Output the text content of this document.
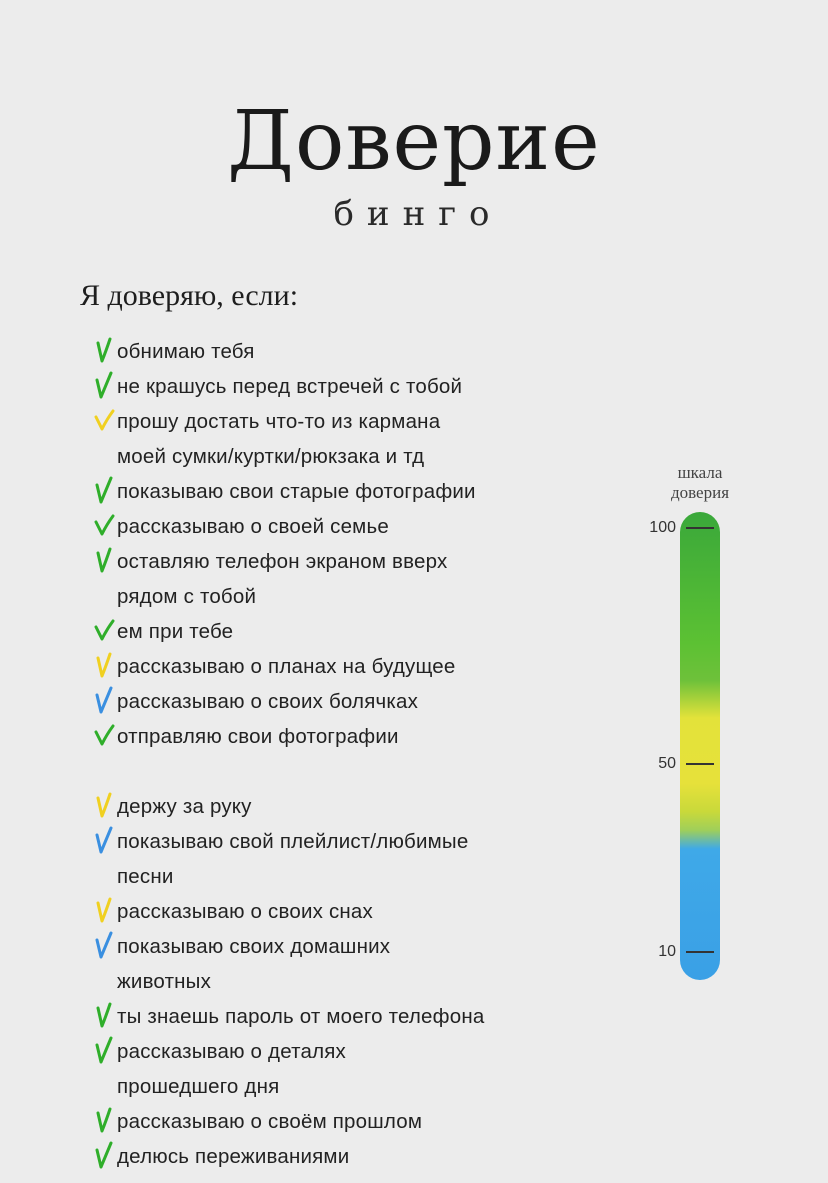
Доверие
бинго
Я доверяю, если:
обнимаю тебя
не крашусь перед встречей с тобой
прошу достать что-то из кармана
моей сумки/куртки/рюкзака и тд
показываю свои старые фотографии
рассказываю о своей семье
оставляю телефон экраном вверх
рядом с тобой
ем при тебе
рассказываю о планах на будущее
рассказываю о своих болячках
отправляю свои фотографии
держу за руку
показываю свой плейлист/любимые
песни
рассказываю о своих снах
показываю своих домашних
животных
ты знаешь пароль от моего телефона
рассказываю о деталях
прошедшего дня
рассказываю о своём прошлом
делюсь переживаниями
шкала
доверия
100
50
10
